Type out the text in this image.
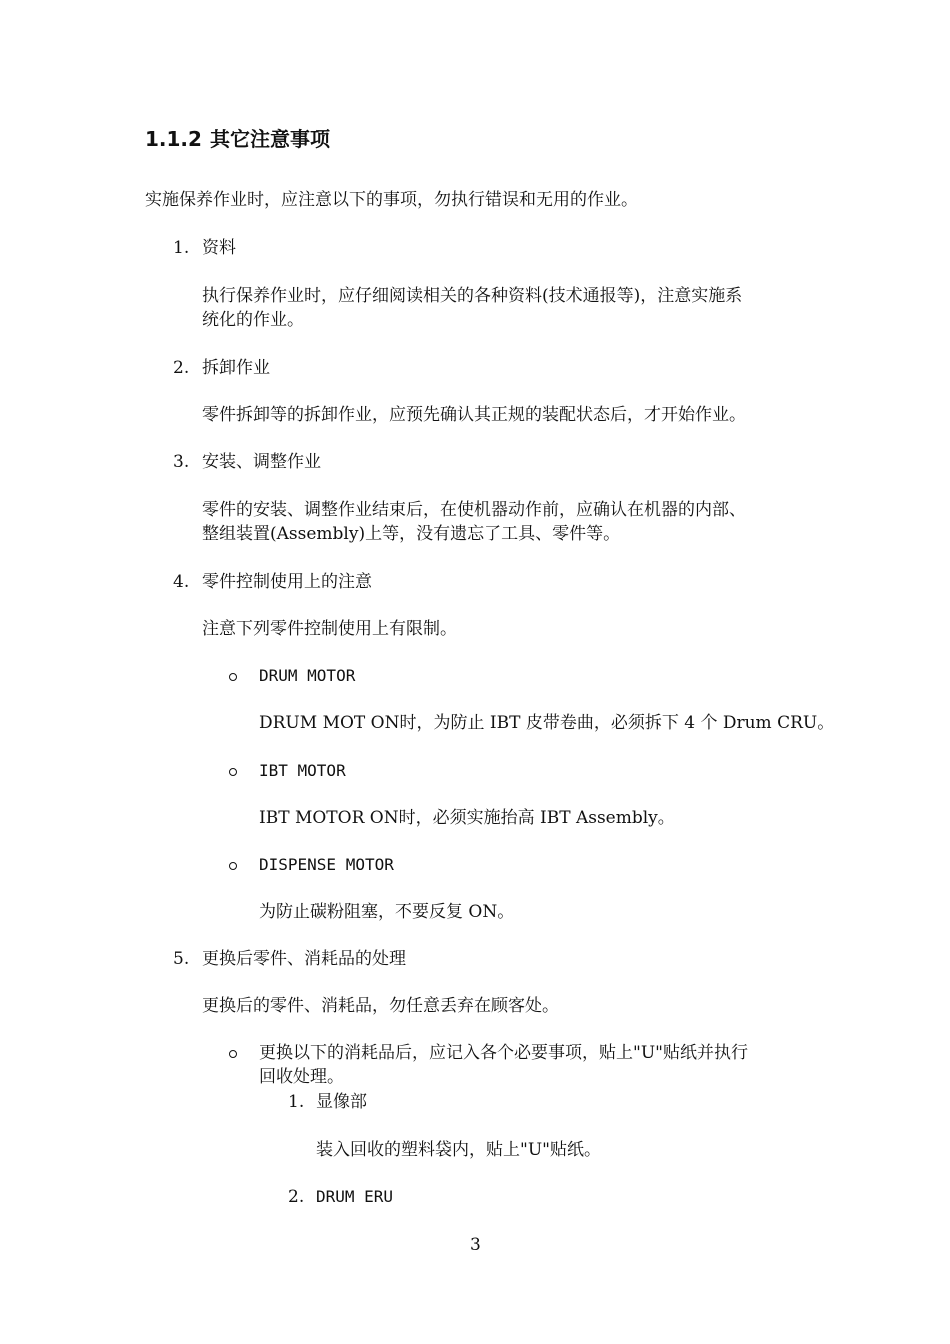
1.1.2 其它注意事项
实施保养作业时，应注意以下的事项，勿执行错误和无用的作业。
1. 资料
执行保养作业时，应仔细阅读相关的各种资料(技术通报等)，注意实施系
统化的作业。
2. 拆卸作业
零件拆卸等的拆卸作业，应预先确认其正规的装配状态后，才开始作业。
3. 安装、调整作业
零件的安装、调整作业结束后，在使机器动作前，应确认在机器的内部、
整组装置(Assembly)上等，没有遗忘了工具、零件等。
4. 零件控制使用上的注意
注意下列零件控制使用上有限制。
DRUM MOTOR
DRUM MOT ON时，为防止 IBT 皮带卷曲，必须拆下 4 个 Drum CRU。
IBT MOTOR
IBT MOTOR ON时，必须实施抬高 IBT Assembly。
DISPENSE MOTOR
为防止碳粉阻塞，不要反复 ON。
5. 更换后零件、消耗品的处理
更换后的零件、消耗品，勿任意丢弃在顾客处。
更换以下的消耗品后，应记入各个必要事项，贴上"U"贴纸并执行
回收处理。
1. 显像部
装入回收的塑料袋内，贴上"U"贴纸。
2. DRUM ERU
3
